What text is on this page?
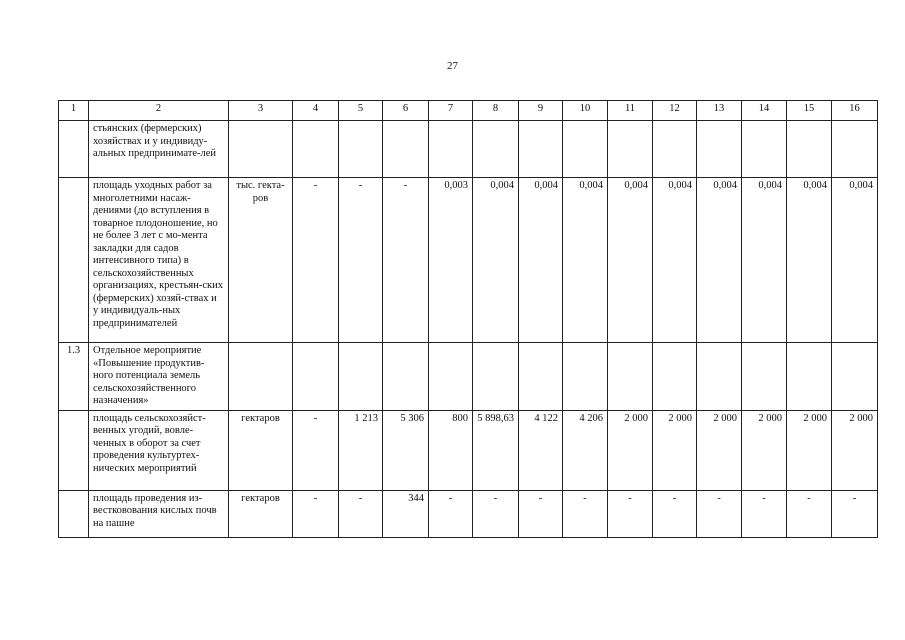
27
1	2	3	4	5	6	7	8	9	10	11	12	13	14	15	16
	стьянских (фермерских) хозяйствах и у индивиду-альных предпринимате-лей														
	площадь уходных работ за многолетними насаж-дениями (до вступления в товарное плодоношение, но не более 3 лет с мо-мента закладки для садов интенсивного типа) в сельскохозяйственных организациях, крестьян-ских (фермерских) хозяй-ствах и у индивидуаль-ных предпринимателей	тыс. гекта-ров	-	-	-	0,003	0,004	0,004	0,004	0,004	0,004	0,004	0,004	0,004	0,004
1.3	Отдельное мероприятие «Повышение продуктив-ного потенциала земель сельскохозяйственного назначения»														
	площадь сельскохозяйст-венных угодий, вовле-ченных в оборот за счет проведения культуртех-нических мероприятий	гектаров	-	1 213	5 306	800	5 898,63	4 122	4 206	2 000	2 000	2 000	2 000	2 000	2 000
	площадь проведения из-вестковования кислых почв на пашне	гектаров	-	-	344	-	-	-	-	-	-	-	-	-	-
